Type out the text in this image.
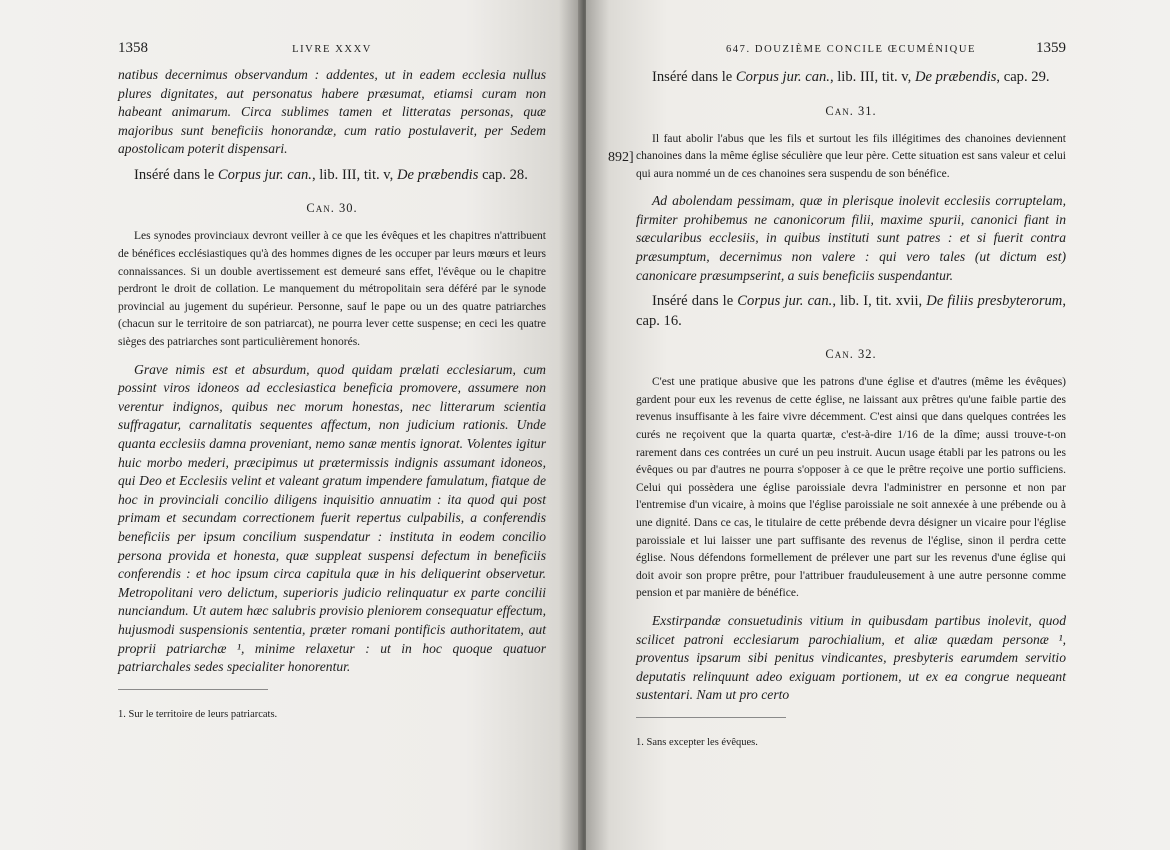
1358	LIVRE XXXV

natibus decernimus observandum : addentes, ut in eadem ecclesia nullus plures dignitates, aut personatus habere præsumat, etiamsi curam non habeant animarum. Circa sublimes tamen et litteratas personas, quæ majoribus sunt beneficiis honorandæ, cum ratio postulaverit, per Sedem apostolicam poterit dispensari.

Inséré dans le Corpus jur. can., lib. III, tit. v, De præbendis cap. 28.

Can. 30.

Les synodes provinciaux devront veiller à ce que les évêques et les chapitres n'attribuent de bénéfices ecclésiastiques qu'à des hommes dignes de les occuper par leurs mœurs et leurs connaissances. Si un double avertissement est demeuré sans effet, l'évêque ou le chapitre perdront le droit de collation. Le manquement du métropolitain sera déféré par le synode provincial au jugement du supérieur. Personne, sauf le pape ou un des quatre patriarches (chacun sur le territoire de son patriarcat), ne pourra lever cette suspense; en ceci les quatre sièges des patriarches sont particulièrement honorés.

Grave nimis est et absurdum, quod quidam prælati ecclesiarum, cum possint viros idoneos ad ecclesiastica beneficia promovere, assumere non verentur indignos, quibus nec morum honestas, nec litterarum scientia suffragatur, carnalitatis sequentes affectum, non judicium rationis. Unde quanta ecclesiis damna proveniant, nemo sanæ mentis ignorat. Volentes igitur huic morbo mederi, præcipimus ut prætermissis indignis assumant idoneos, qui Deo et Ecclesiis velint et valeant gratum impendere famulatum, fiatque de hoc in provinciali concilio diligens inquisitio annuatim : ita quod qui post primam et secundam correctionem fuerit repertus culpabilis, a conferendis beneficiis per ipsum concilium suspendatur : instituta in eodem concilio persona provida et honesta, quæ suppleat suspensi defectum in beneficiis conferendis : et hoc ipsum circa capitula quæ in his deliquerint observetur. Metropolitani vero delictum, superioris judicio relinquatur ex parte concilii nunciandum. Ut autem hæc salubris provisio pleniorem consequatur effectum, hujusmodi suspensionis sententia, præter romani pontificis authoritatem, aut proprii patriarchæ ¹, minime relaxetur : ut in hoc quoque quatuor patriarchales sedes specialiter honorentur.

1. Sur le territoire de leurs patriarcats.

892]
647. DOUZIÈME CONCILE ŒCUMÉNIQUE	1359

Inséré dans le Corpus jur. can., lib. III, tit. v, De præbendis, cap. 29.

Can. 31.

Il faut abolir l'abus que les fils et surtout les fils illégitimes des chanoines deviennent chanoines dans la même église séculière que leur père. Cette situation est sans valeur et celui qui aura nommé un de ces chanoines sera suspendu de son bénéfice.

Ad abolendam pessimam, quæ in plerisque inolevit ecclesiis corruptelam, firmiter prohibemus ne canonicorum filii, maxime spurii, canonici fiant in sæcularibus ecclesiis, in quibus instituti sunt patres : et si fuerit contra præsumptum, decernimus non valere : qui vero tales (ut dictum est) canonicare præsumpserint, a suis beneficiis suspendantur.

Inséré dans le Corpus jur. can., lib. I, tit. xvii, De filiis presbyterorum, cap. 16.

Can. 32.

C'est une pratique abusive que les patrons d'une église et d'autres (même les évêques) gardent pour eux les revenus de cette église, ne laissant aux prêtres qu'une faible partie des revenus insuffisante à les faire vivre décemment. C'est ainsi que dans quelques contrées les curés ne reçoivent que la quarta quartæ, c'est-à-dire 1/16 de la dîme; aussi trouve-t-on rarement dans ces contrées un curé un peu instruit. Aucun usage établi par les patrons ou les évêques ou par d'autres ne pourra s'opposer à ce que le prêtre reçoive une portio sufficiens. Celui qui possèdera une église paroissiale devra l'administrer en personne et non par l'entremise d'un vicaire, à moins que l'église paroissiale ne soit annexée à une prébende ou à une dignité. Dans ce cas, le titulaire de cette prébende devra désigner un vicaire pour l'église paroissiale et lui laisser une part suffisante des revenus de l'église, sinon il perdra cette église. Nous défendons formellement de prélever une part sur les revenus d'une église qui doit avoir son propre prêtre, pour l'attribuer frauduleusement à une autre personne comme pension et par manière de bénéfice.

Exstirpandæ consuetudinis vitium in quibusdam partibus inolevit, quod scilicet patroni ecclesiarum parochialium, et aliæ quædam personæ ¹, proventus ipsarum sibi penitus vindicantes, presbyteris earumdem servitio deputatis relinquunt adeo exiguam portionem, ut ex ea congrue nequeant sustentari. Nam ut pro certo

1. Sans excepter les évêques.
